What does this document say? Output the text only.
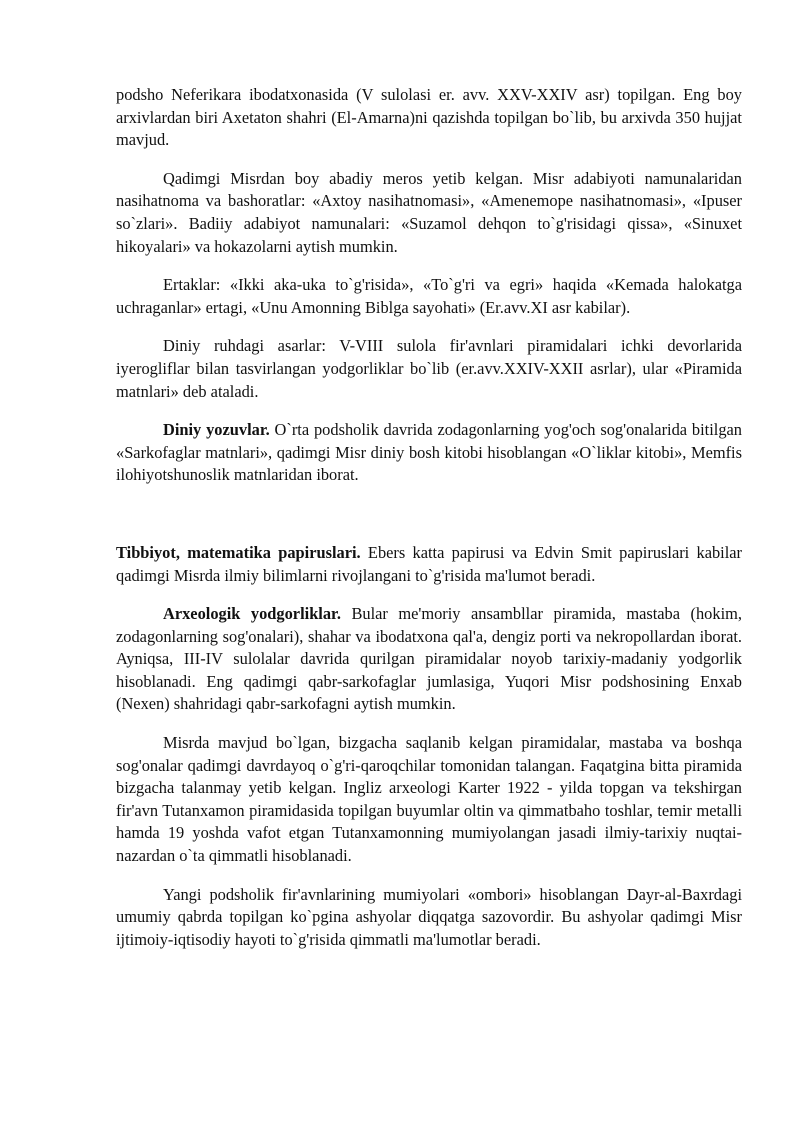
podsho Neferikara ibodatxonasida (V sulolasi er. avv. XXV-XXIV asr) topilgan. Eng boy arxivlardan biri Axetaton shahri (El-Amarna)ni qazishda topilgan bo`lib, bu arxivda 350 hujjat mavjud.

Qadimgi Misrdan boy abadiy meros yetib kelgan. Misr adabiyoti namunalaridan nasihatnoma va bashoratlar: «Axtoy nasihatnomasi», «Amenemope nasihatnomasi», «Ipuser so`zlari». Badiiy adabiyot namunalari: «Suzamol dehqon to`g'risidagi qissa», «Sinuxet hikoyalari» va hokazolarni aytish mumkin.

Ertaklar: «Ikki aka-uka to`g'risida», «To`g'ri va egri» haqida «Kemada halokatga uchraganlar» ertagi, «Unu Amonning Biblga sayohati» (Er.avv.XI asr kabilar).

Diniy ruhdagi asarlar: V-VIII sulola fir'avnlari piramidalari ichki devorlarida iyerogliflar bilan tasvirlangan yodgorliklar bo`lib (er.avv.XXIV-XXII asrlar), ular «Piramida matnlari» deb ataladi.

Diniy yozuvlar. O`rta podsholik davrida zodagonlarning yog'och sog'onalarida bitilgan «Sarkofaglar matnlari», qadimgi Misr diniy bosh kitobi hisoblangan «O`liklar kitobi», Memfis ilohiyotshunoslik matnlaridan iborat.

Tibbiyot, matematika papiruslari. Ebers katta papirusi va Edvin Smit papiruslari kabilar qadimgi Misrda ilmiy bilimlarni rivojlangani to`g'risida ma'lumot beradi.

Arxeologik yodgorliklar. Bular me'moriy ansambllar piramida, mastaba (hokim, zodagonlarning sog'onalari), shahar va ibodatxona qal'a, dengiz porti va nekropollardan iborat. Ayniqsa, III-IV sulolalar davrida qurilgan piramidalar noyob tarixiy-madaniy yodgorlik hisoblanadi. Eng qadimgi qabr-sarkofaglar jumlasiga, Yuqori Misr podshosining Enxab (Nexen) shahridagi qabr-sarkofagni aytish mumkin.

Misrda mavjud bo`lgan, bizgacha saqlanib kelgan piramidalar, mastaba va boshqa sog'onalar qadimgi davrdayoq o`g'ri-qaroqchilar tomonidan talangan. Faqatgina bitta piramida bizgacha talanmay yetib kelgan. Ingliz arxeologi Karter 1922 - yilda topgan va tekshirgan fir'avn Tutanxamon piramidasida topilgan buyumlar oltin va qimmatbaho toshlar, temir metalli hamda 19 yoshda vafot etgan Tutanxamonning mumiyolangan jasadi ilmiy-tarixiy nuqtai-nazardan o`ta qimmatli hisoblanadi.

Yangi podsholik fir'avnlarining mumiyolari «ombori» hisoblangan Dayr-al-Baxrdagi umumiy qabrda topilgan ko`pgina ashyolar diqqatga sazovordir. Bu ashyolar qadimgi Misr ijtimoiy-iqtisodiy hayoti to`g'risida qimmatli ma'lumotlar beradi.
